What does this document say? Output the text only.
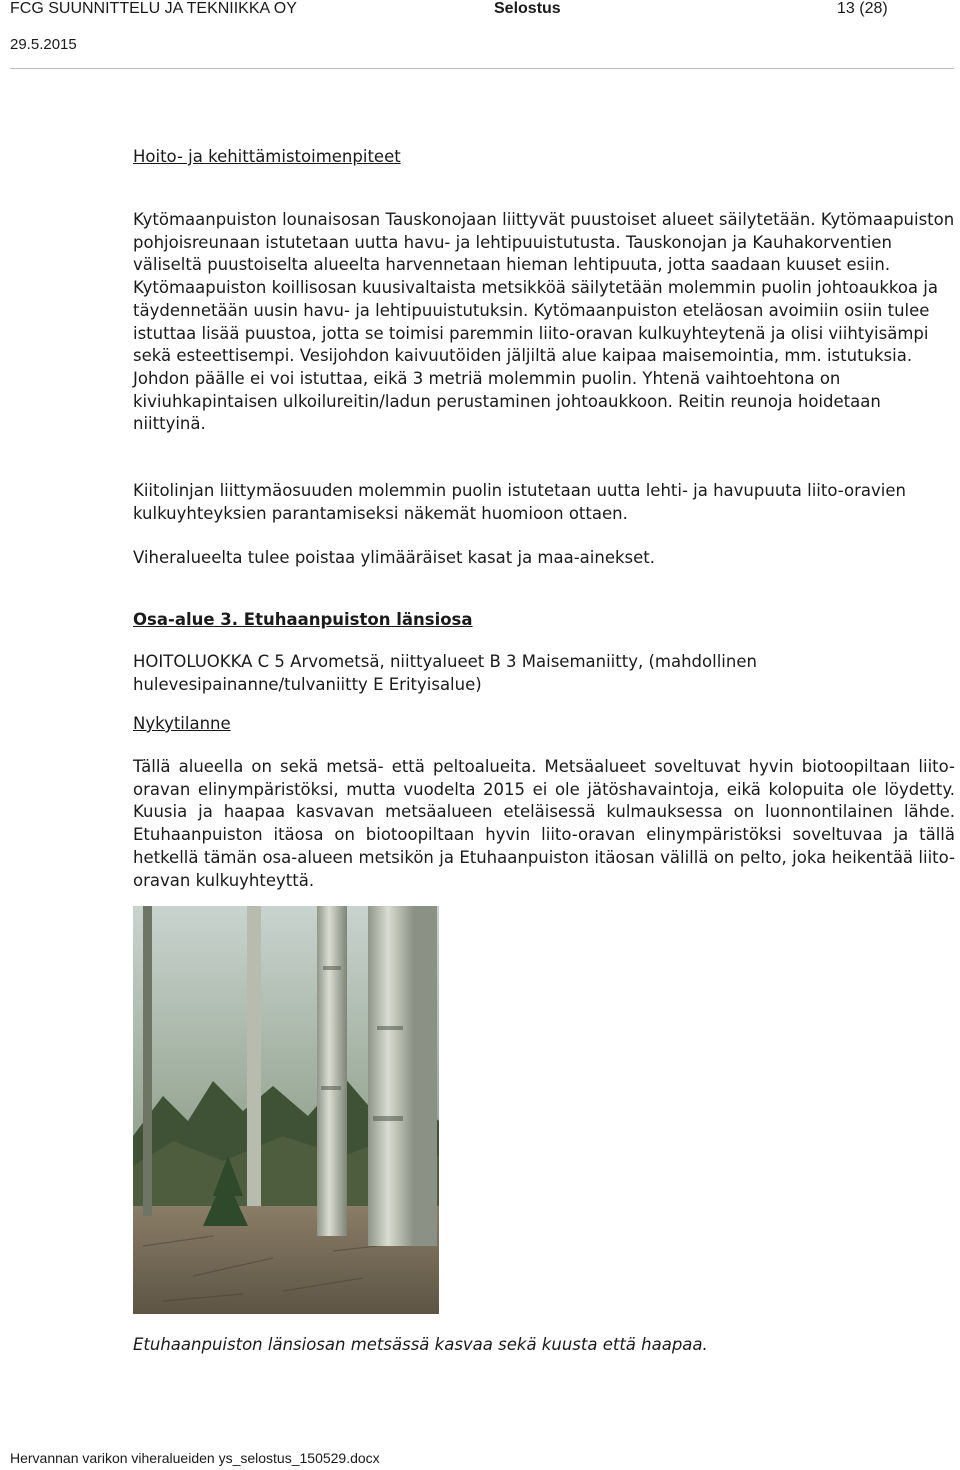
FCG SUUNNITTELU JA TEKNIIKKA OY	Selostus	13 (28)
29.5.2015

Hoito- ja kehittämistoimenpiteet

Kytömaanpuiston lounaisosan Tauskonojaan liittyvät puustoiset alueet säilytetään. Kytömaapuiston pohjoisreunaan istutetaan uutta havu- ja lehtipuuistutusta. Tauskonojan ja Kauhakorventien väliseltä puustoiselta alueelta harvennetaan hieman lehtipuuta, jotta saadaan kuuset esiin. Kytömaapuiston koillisosan kuusivaltaista metsikköä säilytetään molemmin puolin johtoaukkoa ja täydennetään uusin havu- ja lehtipuuistutuksin. Kytömaanpuiston eteläosan avoimiin osiin tulee istuttaa lisää puustoa, jotta se toimisi paremmin liito-oravan kulkuyhteytenä ja olisi viihtyisämpi sekä esteettisempi. Vesijohdon kaivuutöiden jäljiltä alue kaipaa maisemointia, mm. istutuksia. Johdon päälle ei voi istuttaa, eikä 3 metriä molemmin puolin. Yhtenä vaihtoehtona on kiviuhkapintaisen ulkoilureitin/ladun perustaminen johtoaukkoon. Reitin reunoja hoidetaan niittyinä.

Kiitolinjan liittymäosuuden molemmin puolin istutetaan uutta lehti- ja havupuuta liito-oravien kulkuyhteyksien parantamiseksi näkemät huomioon ottaen.

Viheralueelta tulee poistaa ylimääräiset kasat ja maa-ainekset.

Osa-alue 3. Etuhaanpuiston länsiosa

HOITOLUOKKA C 5 Arvometsä, niittyalueet B 3 Maisemaniitty, (mahdollinen hulevesipainanne/tulvaniitty E Erityisalue)

Nykytilanne

Tällä alueella on sekä metsä- että peltoalueita. Metsäalueet soveltuvat hyvin biotoopiltaan liito-oravan elinympäristöksi, mutta vuodelta 2015 ei ole jätöshavaintoja, eikä kolopuita ole löydetty. Kuusia ja haapaa kasvavan metsäalueen eteläisessä kulmauksessa on luonnontilainen lähde. Etuhaanpuiston itäosa on biotoopiltaan hyvin liito-oravan elinympäristöksi soveltuvaa ja tällä hetkellä tämän osa-alueen metsikön ja Etuhaanpuiston itäosan välillä on pelto, joka heikentää liito-oravan kulkuyhteyttä.

Etuhaanpuiston länsiosan metsässä kasvaa sekä kuusta että haapaa.

Hervannan varikon viheralueiden ys_selostus_150529.docx
